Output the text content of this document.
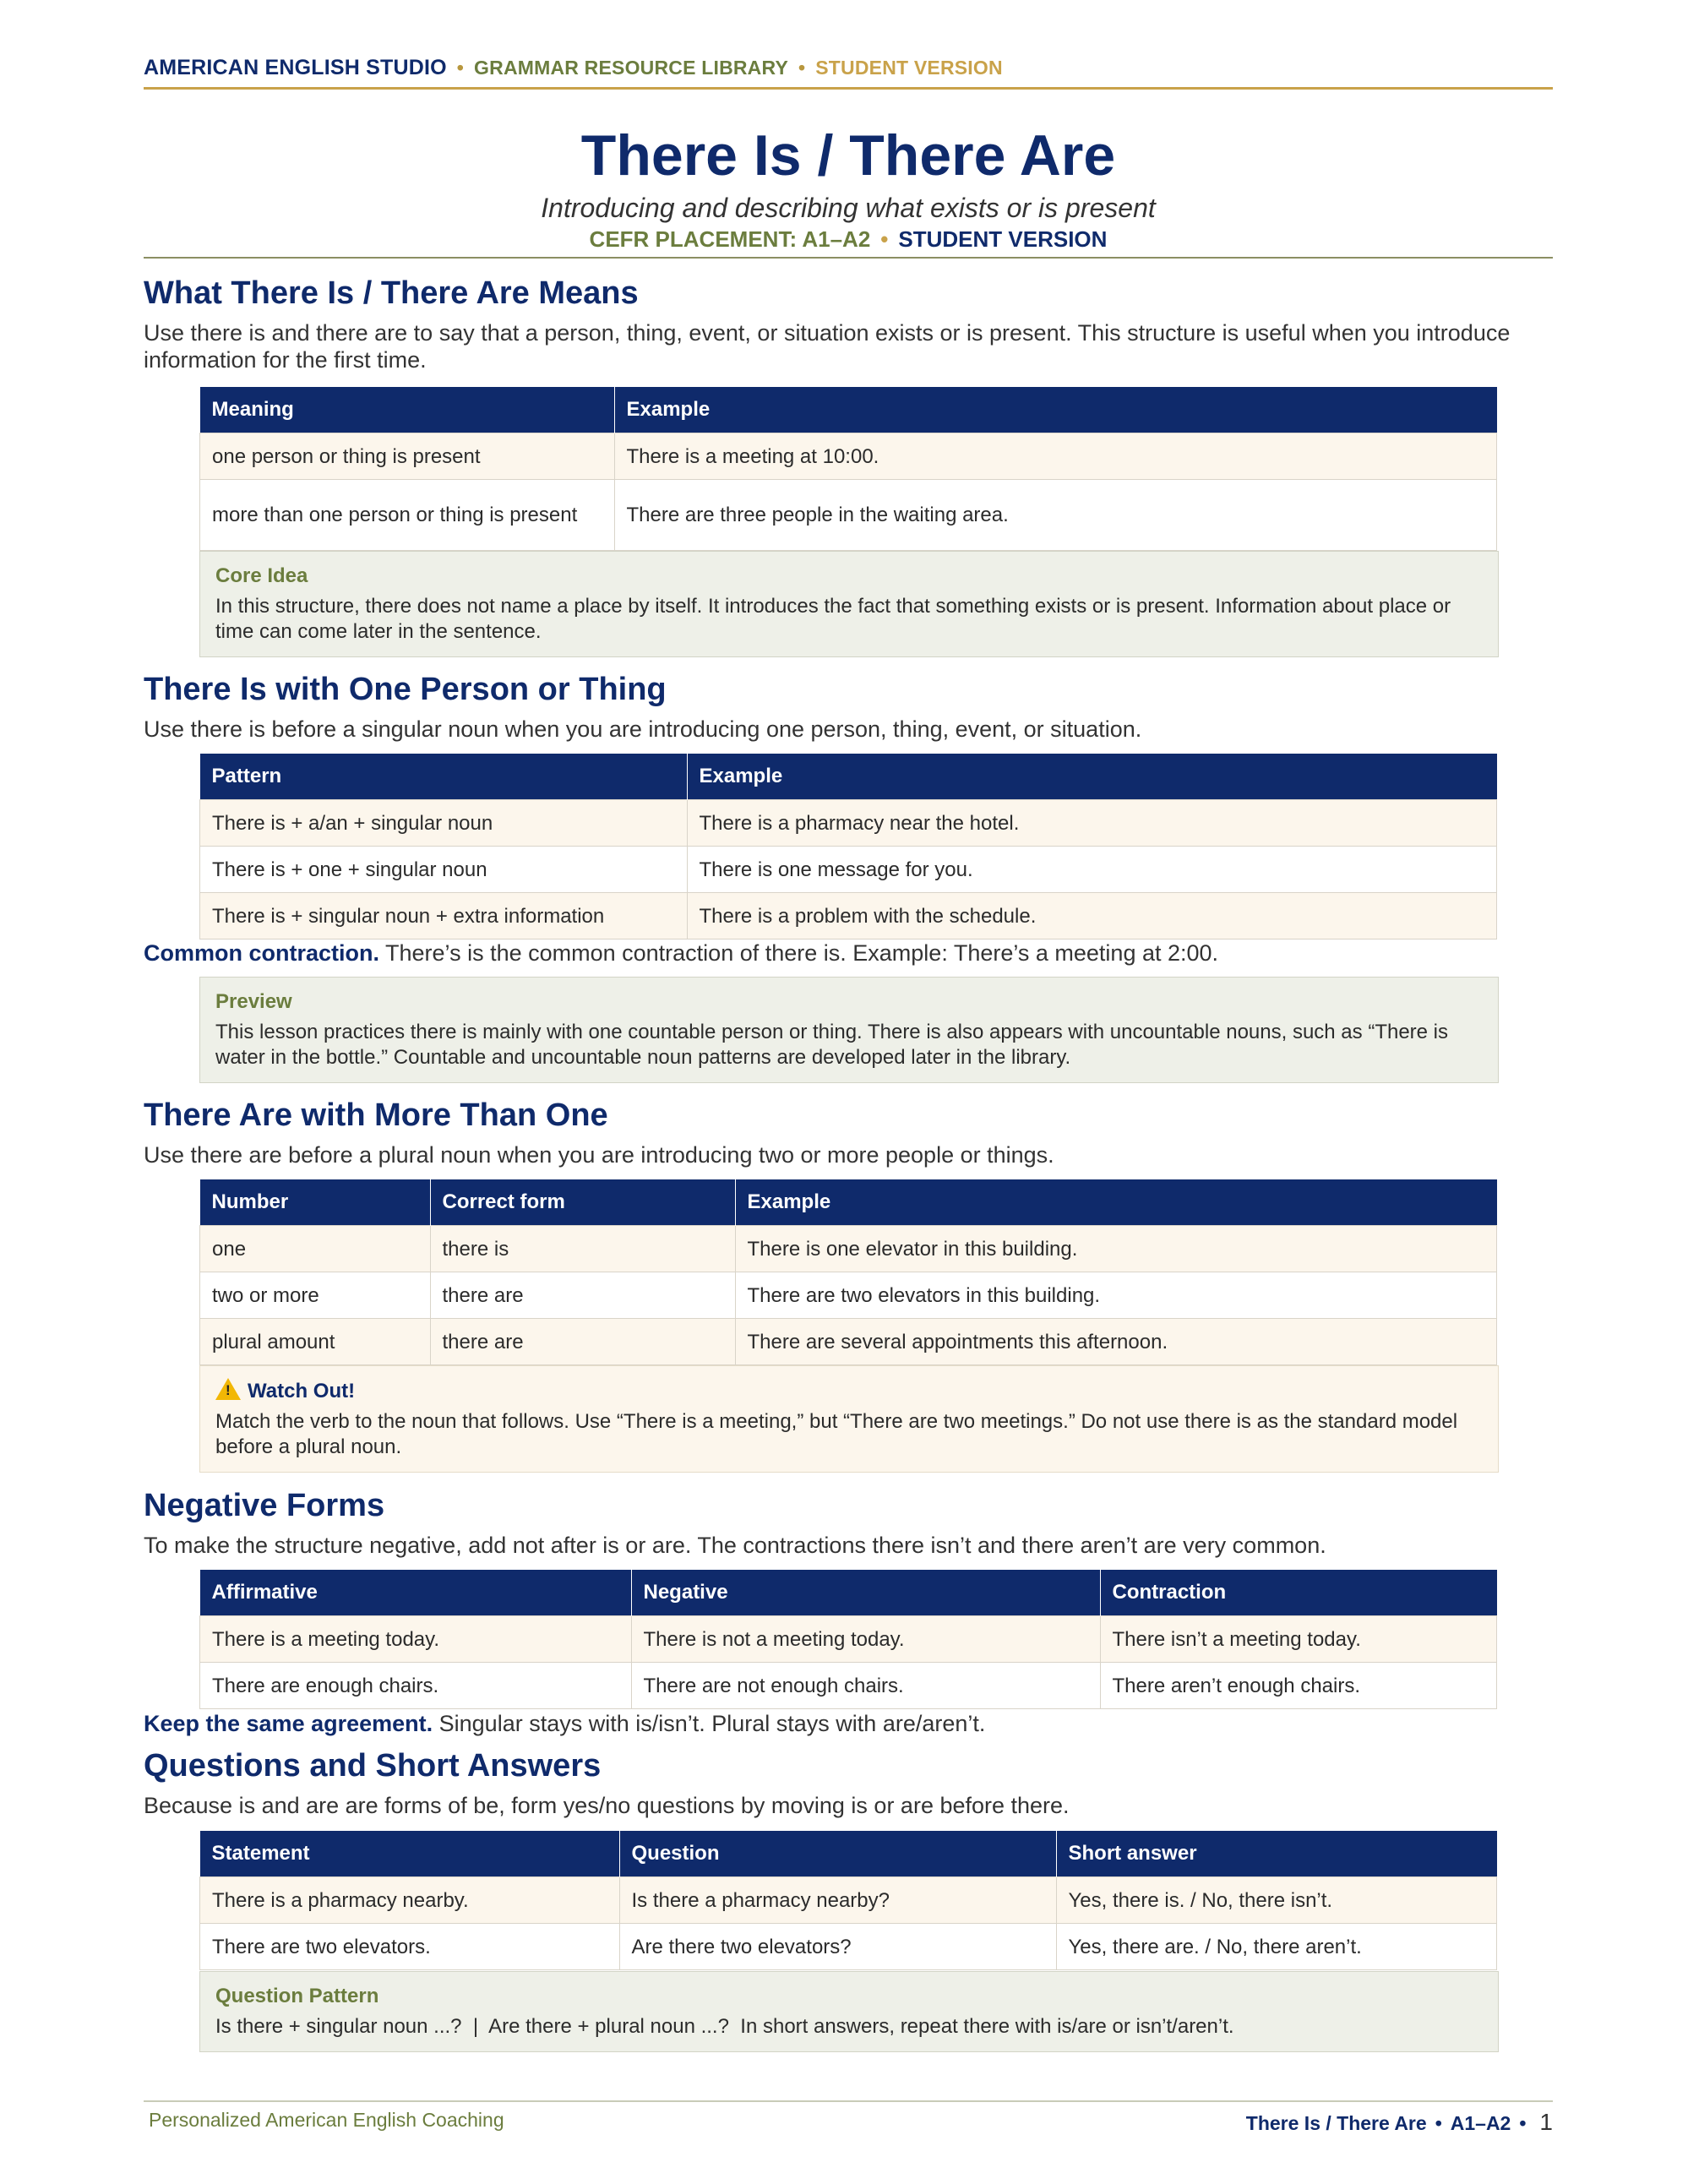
AMERICAN ENGLISH STUDIO • GRAMMAR RESOURCE LIBRARY • STUDENT VERSION
There Is / There Are
Introducing and describing what exists or is present
CEFR PLACEMENT: A1–A2 • STUDENT VERSION
What There Is / There Are Means
Use there is and there are to say that a person, thing, event, or situation exists or is present. This structure is useful when you introduce information for the first time.
Meaning	Example
one person or thing is present	There is a meeting at 10:00.
more than one person or thing is present	There are three people in the waiting area.
Core Idea
In this structure, there does not name a place by itself. It introduces the fact that something exists or is present. Information about place or time can come later in the sentence.
There Is with One Person or Thing
Use there is before a singular noun when you are introducing one person, thing, event, or situation.
Pattern	Example
There is + a/an + singular noun	There is a pharmacy near the hotel.
There is + one + singular noun	There is one message for you.
There is + singular noun + extra information	There is a problem with the schedule.
Common contraction. There’s is the common contraction of there is. Example: There’s a meeting at 2:00.
Preview
This lesson practices there is mainly with one countable person or thing. There is also appears with uncountable nouns, such as “There is water in the bottle.” Countable and uncountable noun patterns are developed later in the library.
There Are with More Than One
Use there are before a plural noun when you are introducing two or more people or things.
Number	Correct form	Example
one	there is	There is one elevator in this building.
two or more	there are	There are two elevators in this building.
plural amount	there are	There are several appointments this afternoon.
! Watch Out!
Match the verb to the noun that follows. Use “There is a meeting,” but “There are two meetings.” Do not use there is as the standard model before a plural noun.
Negative Forms
To make the structure negative, add not after is or are. The contractions there isn’t and there aren’t are very common.
Affirmative	Negative	Contraction
There is a meeting today.	There is not a meeting today.	There isn’t a meeting today.
There are enough chairs.	There are not enough chairs.	There aren’t enough chairs.
Keep the same agreement. Singular stays with is/isn’t. Plural stays with are/aren’t.
Questions and Short Answers
Because is and are are forms of be, form yes/no questions by moving is or are before there.
Statement	Question	Short answer
There is a pharmacy nearby.	Is there a pharmacy nearby?	Yes, there is. / No, there isn’t.
There are two elevators.	Are there two elevators?	Yes, there are. / No, there aren’t.
Question Pattern
Is there + singular noun ...?  |  Are there + plural noun ...?  In short answers, repeat there with is/are or isn’t/aren’t.
Personalized American English Coaching	There Is / There Are • A1–A2 • 1
